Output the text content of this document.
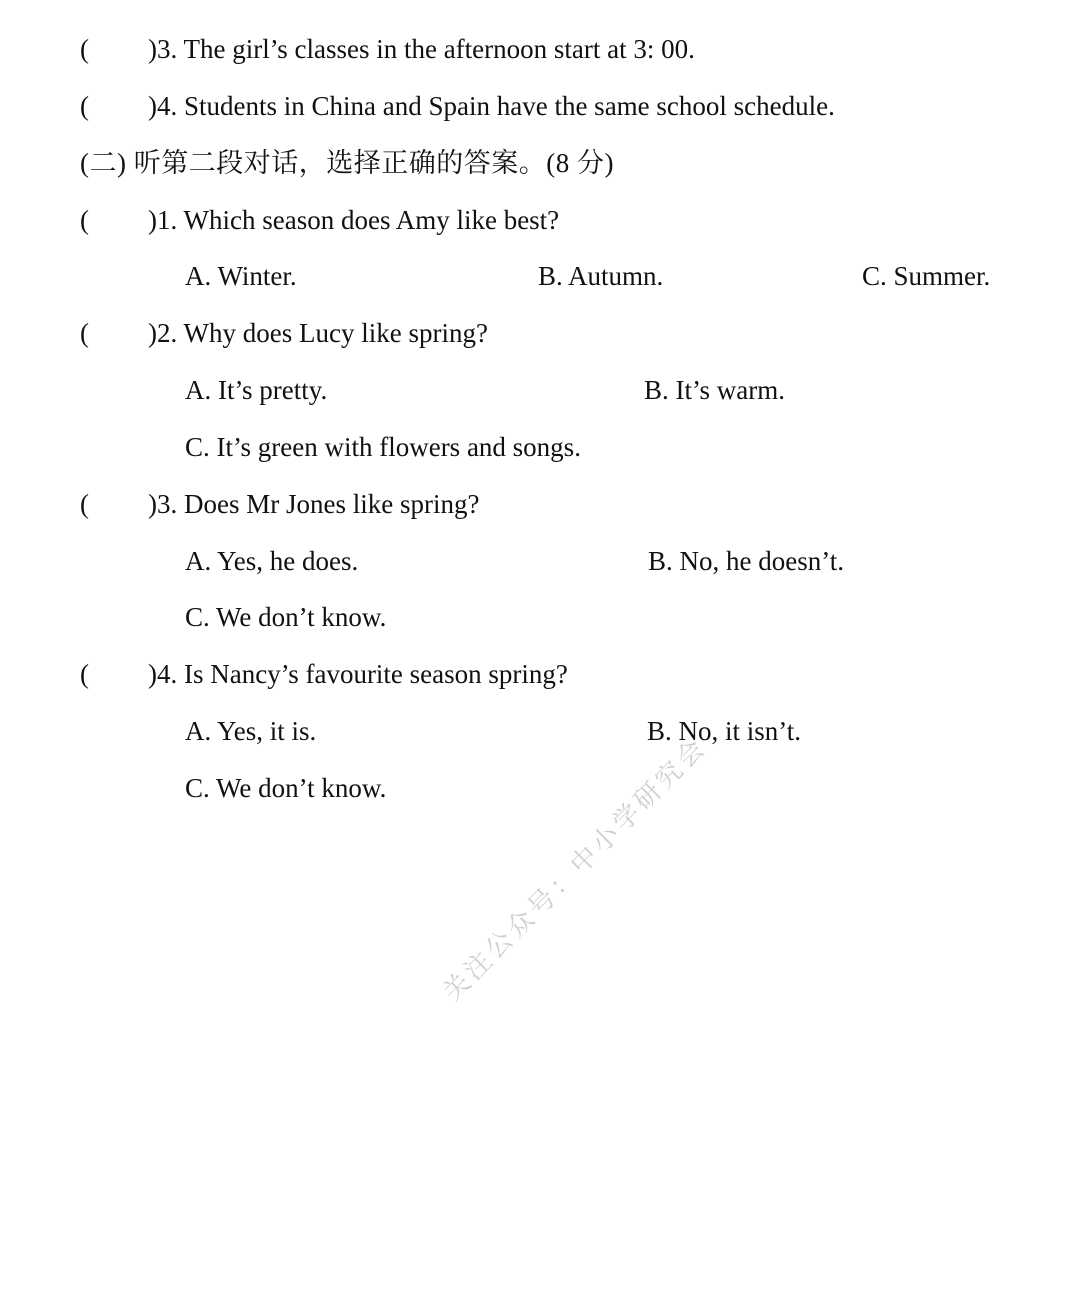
( )3. The girl’s classes in the afternoon start at 3: 00.
( )4. Students in China and Spain have the same school schedule.
(二) 听第二段对话，选择正确的答案。(8 分)
( )1. Which season does Amy like best?
A. Winter.	B. Autumn.	C. Summer.
( )2. Why does Lucy like spring?
A. It’s pretty.	B. It’s warm.
C. It’s green with flowers and songs.
( )3. Does Mr Jones like spring?
A. Yes, he does.	B. No, he doesn’t.
C. We don’t know.
( )4. Is Nancy’s favourite season spring?
A. Yes, it is.	B. No, it isn’t.
C. We don’t know. 关注公众号：中小学研究会
